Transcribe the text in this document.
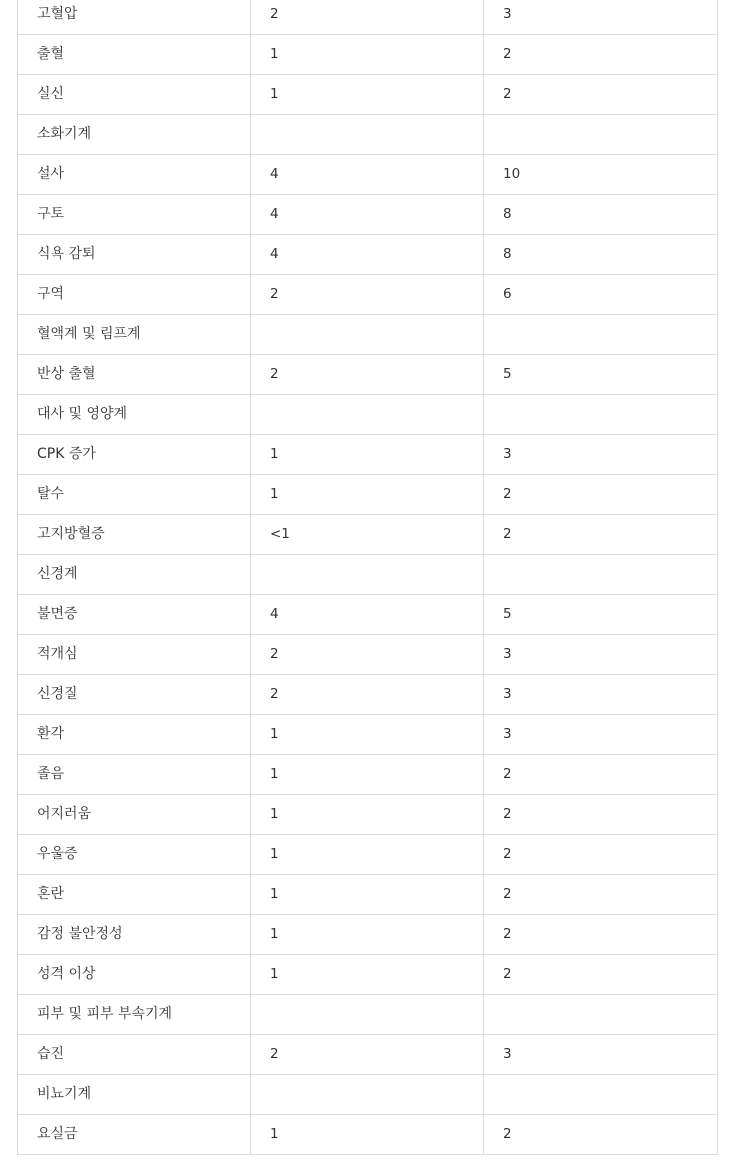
고혈압	2	3
출혈	1	2
실신	1	2
소화기계		
설사	4	10
구토	4	8
식욕 감퇴	4	8
구역	2	6
혈액계 및 림프계		
반상 출혈	2	5
대사 및 영양계		
CPK 증가	1	3
탈수	1	2
고지방혈증	<1	2
신경계		
불면증	4	5
적개심	2	3
신경질	2	3
환각	1	3
졸음	1	2
어지러움	1	2
우울증	1	2
혼란	1	2
감정 불안정성	1	2
성격 이상	1	2
피부 및 피부 부속기계		
습진	2	3
비뇨기계		
요실금	1	2
